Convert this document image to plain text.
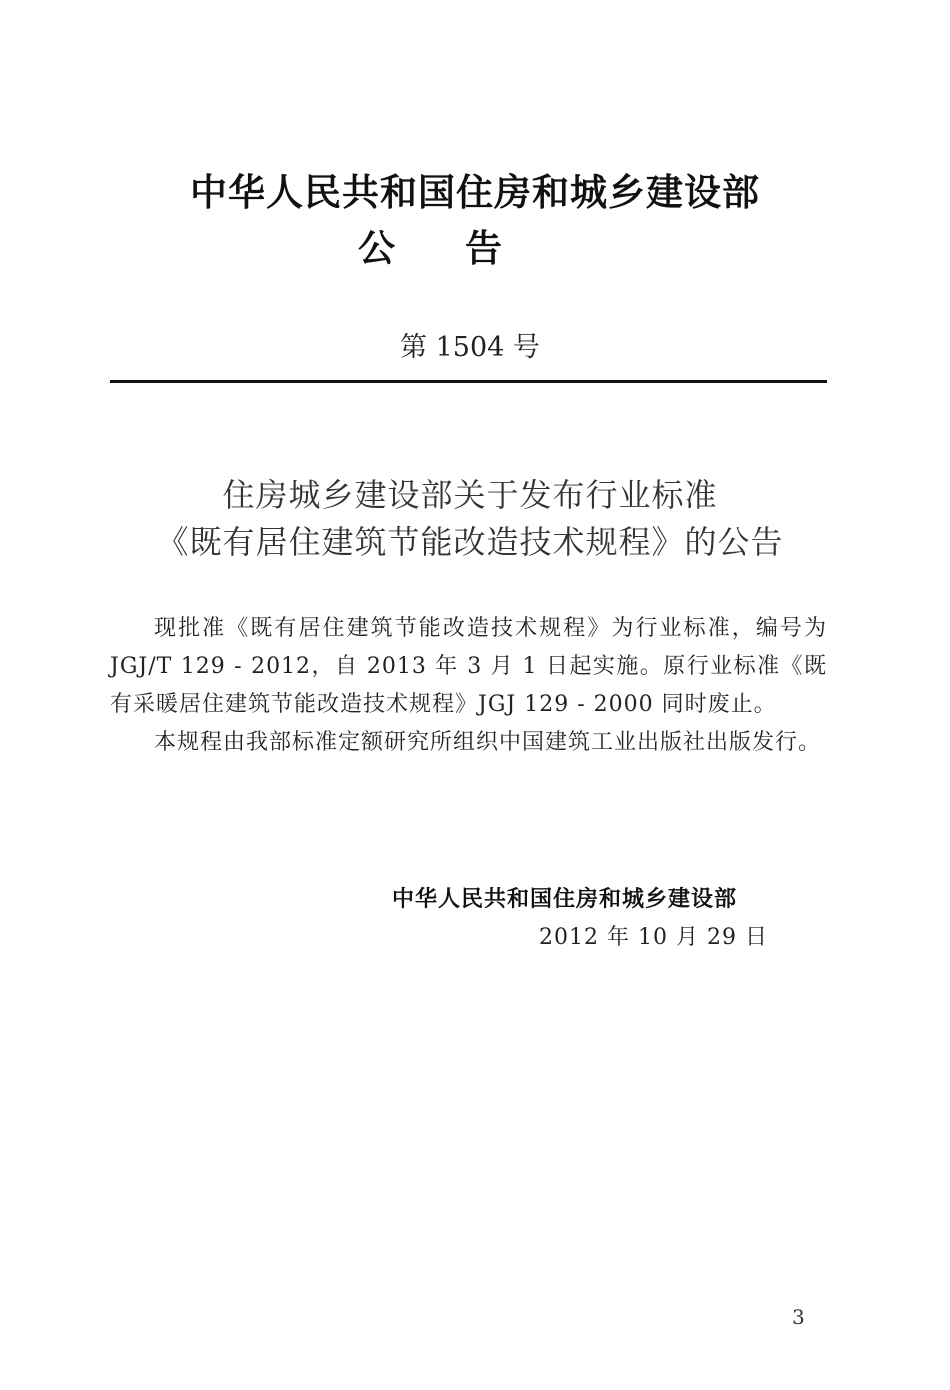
中华人民共和国住房和城乡建设部
公告
第 1504 号
住房城乡建设部关于发布行业标准
《既有居住建筑节能改造技术规程》的公告

现批准《既有居住建筑节能改造技术规程》为行业标准，编号为 JGJ/T 129 - 2012，自 2013 年 3 月 1 日起实施。原行业标准《既有采暖居住建筑节能改造技术规程》JGJ 129 - 2000 同时废止。

本规程由我部标准定额研究所组织中国建筑工业出版社出版发行。

中华人民共和国住房和城乡建设部
2012 年 10 月 29 日
3
